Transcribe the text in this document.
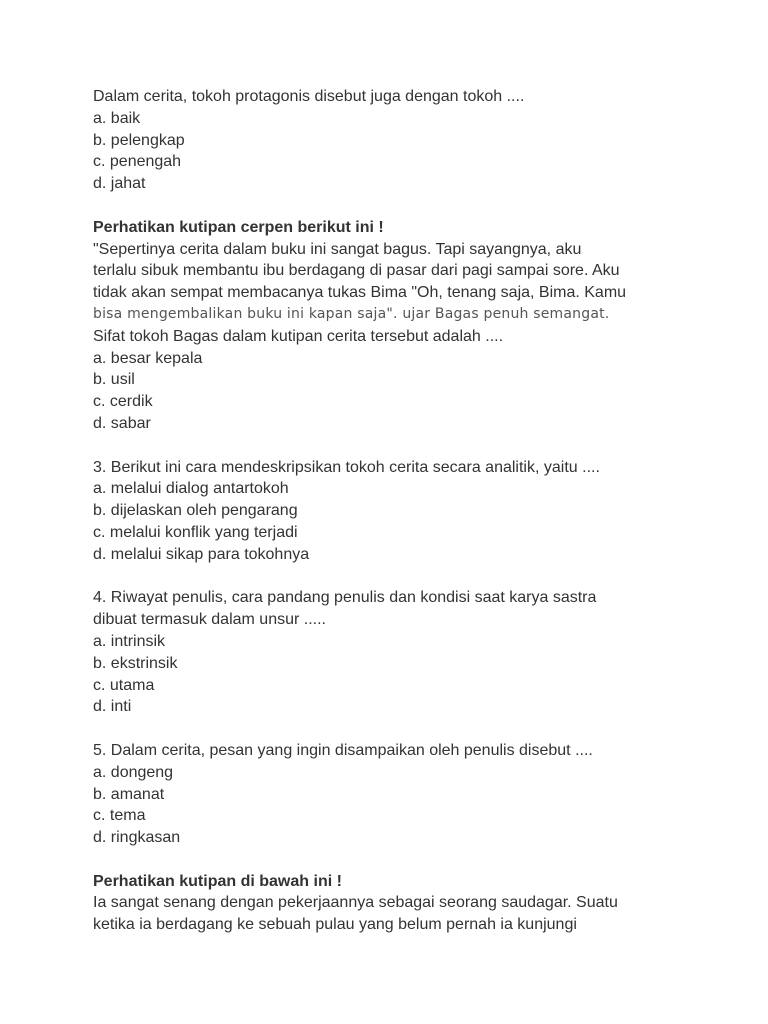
Dalam cerita, tokoh protagonis disebut juga dengan tokoh ....
a. baik
b. pelengkap
c. penengah
d. jahat
Perhatikan kutipan cerpen berikut ini !
"Sepertinya cerita dalam buku ini sangat bagus. Tapi sayangnya, aku
terlalu sibuk membantu ibu berdagang di pasar dari pagi sampai sore. Aku
tidak akan sempat membacanya tukas Bima "Oh, tenang saja, Bima. Kamu
bisa mengembalikan buku ini kapan saja". ujar Bagas penuh semangat.
Sifat tokoh Bagas dalam kutipan cerita tersebut adalah ....
a. besar kepala
b. usil
c. cerdik
d. sabar
3. Berikut ini cara mendeskripsikan tokoh cerita secara analitik, yaitu ....
a. melalui dialog antartokoh
b. dijelaskan oleh pengarang
c. melalui konflik yang terjadi
d. melalui sikap para tokohnya
4. Riwayat penulis, cara pandang penulis dan kondisi saat karya sastra
dibuat termasuk dalam unsur .....
a. intrinsik
b. ekstrinsik
c. utama
d. inti
5. Dalam cerita, pesan yang ingin disampaikan oleh penulis disebut ....
a. dongeng
b. amanat
c. tema
d. ringkasan
Perhatikan kutipan di bawah ini !
Ia sangat senang dengan pekerjaannya sebagai seorang saudagar. Suatu
ketika ia berdagang ke sebuah pulau yang belum pernah ia kunjungi
